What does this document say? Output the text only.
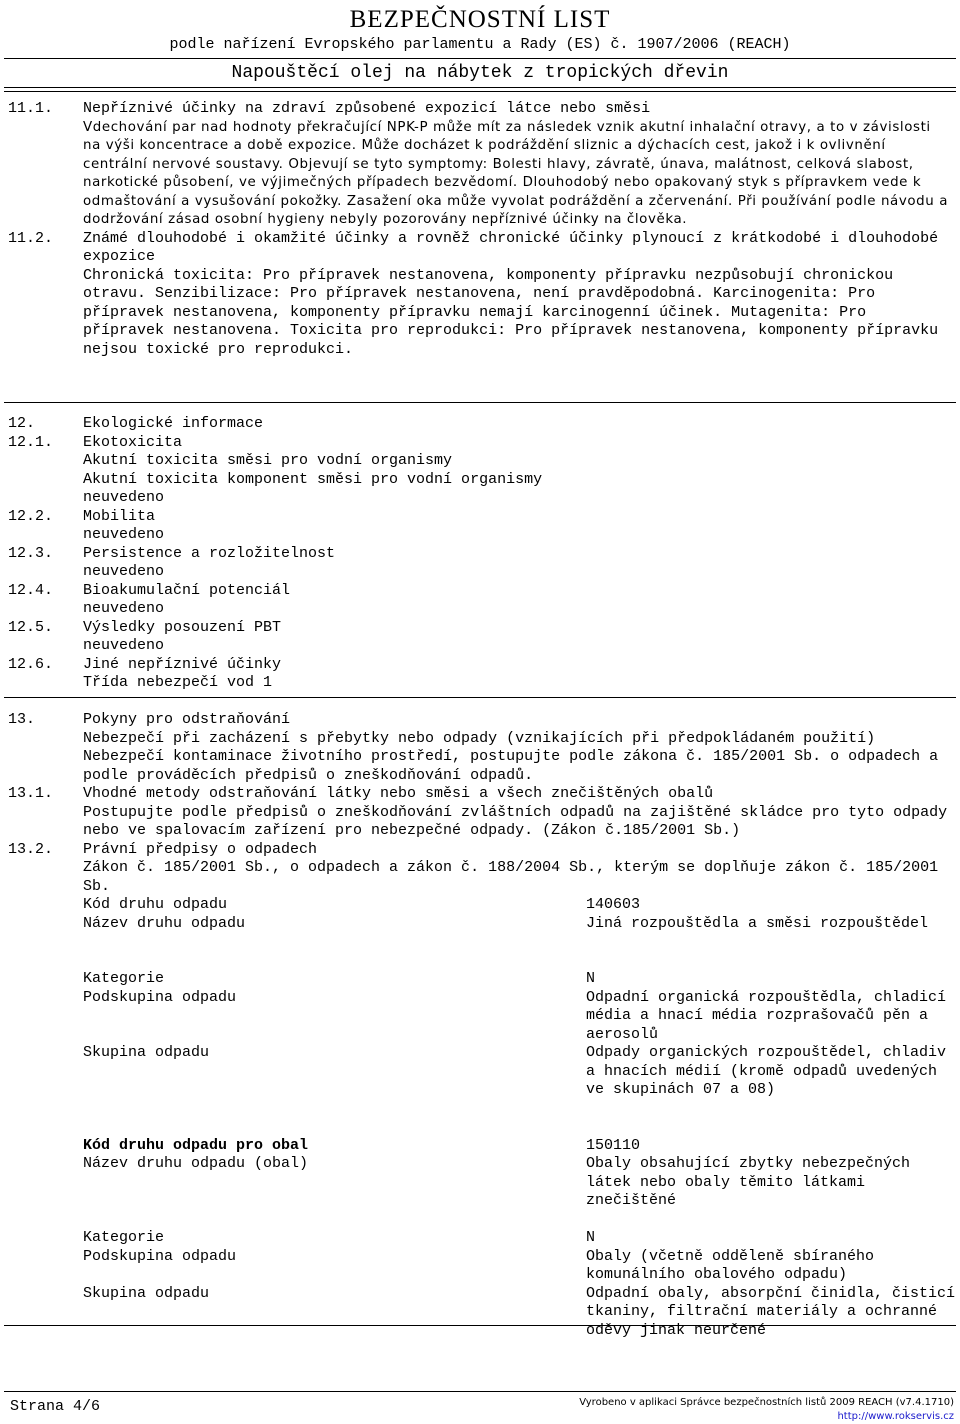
BEZPEČNOSTNÍ LIST
podle nařízení Evropského parlamentu a Rady (ES) č. 1907/2006 (REACH)
Napouštěcí olej na nábytek z tropických dřevin
11.1. Nepříznivé účinky na zdraví způsobené expozicí látce nebo směsi
Vdechování par nad hodnoty překračující NPK-P může mít za následek vznik akutní inhalační otravy, a to v závislosti na výši koncentrace a době expozice. Může docházet k podráždění sliznic a dýchacích cest, jakož i k ovlivnění centrální nervové soustavy. Objevují se tyto symptomy: Bolesti hlavy, závratě, únava, malátnost, celková slabost, narkotické působení, ve výjimečných případech bezvědomí. Dlouhodobý nebo opakovaný styk s přípravkem vede k odmaštování a vysušování pokožky. Zasažení oka může vyvolat podráždění a zčervenání. Při používání podle návodu a dodržování zásad osobní hygieny nebyly pozorovány nepříznivé účinky na člověka.
11.2. Známé dlouhodobé i okamžité účinky a rovněž chronické účinky plynoucí z krátkodobé i dlouhodobé expozice
Chronická toxicita: Pro přípravek nestanovena, komponenty přípravku nezpůsobují chronickou otravu. Senzibilizace: Pro přípravek nestanovena, není pravděpodobná. Karcinogenita: Pro přípravek nestanovena, komponenty přípravku nemají karcinogenní účinek. Mutagenita: Pro přípravek nestanovena. Toxicita pro reprodukci: Pro přípravek nestanovena, komponenty přípravku nejsou toxické pro reprodukci.
12.	Ekologické informace
12.1. Ekotoxicita
Akutní toxicita směsi pro vodní organismy
Akutní toxicita komponent směsi pro vodní organismy
neuvedeno
12.2. Mobilita
neuvedeno
12.3. Persistence a rozložitelnost
neuvedeno
12.4. Bioakumulační potenciál
neuvedeno
12.5. Výsledky posouzení PBT
neuvedeno
12.6. Jiné nepříznivé účinky
Třída nebezpečí vod 1
13.	Pokyny pro odstraňování
Nebezpečí při zacházení s přebytky nebo odpady (vznikajících při předpokládaném použití)
Nebezpečí kontaminace životního prostředí, postupujte podle zákona č. 185/2001 Sb. o odpadech a podle prováděcích předpisů o zneškodňování odpadů.
13.1. Vhodné metody odstraňování látky nebo směsi a všech znečištěných obalů
Postupujte podle předpisů o zneškodňování zvláštních odpadů na zajištěné skládce pro tyto odpady nebo ve spalovacím zařízení pro nebezpečné odpady. (Zákon č.185/2001 Sb.)
13.2. Právní předpisy o odpadech
Zákon č. 185/2001 Sb., o odpadech a zákon č. 188/2004 Sb., kterým se doplňuje zákon č. 185/2001 Sb.
Kód druhu odpadu	140603
Název druhu odpadu	Jiná rozpouštědla a směsi rozpouštědel
Kategorie	N
Podskupina odpadu	Odpadní organická rozpouštědla, chladicí média a hnací média rozprašovačů pěn a aerosolů
Skupina odpadu	Odpady organických rozpouštědel, chladiv a hnacích médií (kromě odpadů uvedených ve skupinách 07 a 08)
Kód druhu odpadu pro obal	150110
Název druhu odpadu (obal)	Obaly obsahující zbytky nebezpečných látek nebo obaly těmito látkami znečištěné
Kategorie	N
Podskupina odpadu	Obaly (včetně odděleně sbíraného komunálního obalového odpadu)
Skupina odpadu	Odpadní obaly, absorpční činidla, čisticí tkaniny, filtrační materiály a ochranné oděvy jinak neurčené
Strana 4/6	Vyrobeno v aplikaci Správce bezpečnostních listů 2009 REACH (v7.4.1710)
http://www.rokservis.cz
